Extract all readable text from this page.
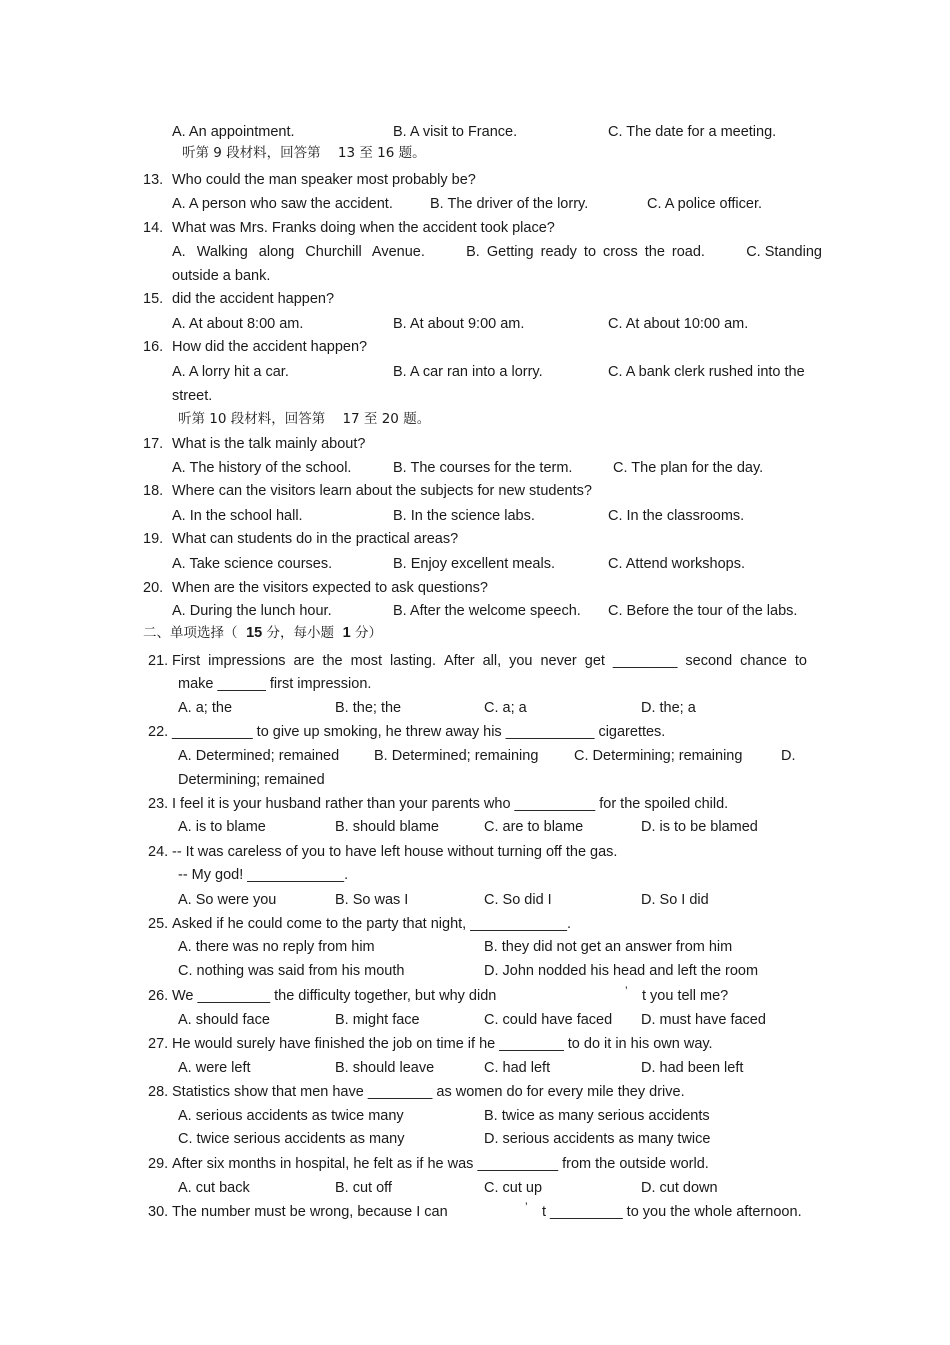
A. An appointment.	B. A visit to France.	C. The date for a meeting.
听第 9 段材料，回答第 13 至 16 题。
13. Who could the man speaker most probably be?
A. A person who saw the accident.	B. The driver of the lorry.	C. A police officer.
14. What was Mrs. Franks doing when the accident took place?
A. Walking along Churchill Avenue.	B. Getting ready to cross the road.	C. Standing
outside a bank.
15. did the accident happen?
A. At about 8:00 am.	B. At about 9:00 am.	C. At about 10:00 am.
16. How did the accident happen?
A. A lorry hit a car.	B. A car ran into a lorry.	C. A bank clerk rushed into the
street.
听第 10 段材料，回答第 17 至 20 题。
17. What is the talk mainly about?
A. The history of the school.	B. The courses for the term.	C. The plan for the day.
18. Where can the visitors learn about the subjects for new students?
A. In the school hall.	B. In the science labs.	C. In the classrooms.
19. What can students do in the practical areas?
A. Take science courses.	B. Enjoy excellent meals.	C. Attend workshops.
20. When are the visitors expected to ask questions?
A. During the lunch hour.	B. After the welcome speech. C. Before the tour of the labs.
二、单项选择（ 15 分，每小题 1 分）
21. First impressions are the most lasting. After all, you never get ________ second chance to
make ______ first impression.
A. a; the	B. the; the	C. a; a	D. the; a
22. __________ to give up smoking, he threw away his ___________ cigarettes.
A. Determined; remained B. Determined; remaining C. Determining; remaining	D.
Determining; remained
23. I feel it is your husband rather than your parents who __________ for the spoiled child.
A. is to blame	B. should blame	C. are to blame	D. is to be blamed
24. -- It was careless of you to have left house without turning off the gas.
-- My god! ____________.
A. So were you	B. So was I	C. So did I	D. So I did
25. Asked if he could come to the party that night, ____________.
A. there was no reply from him	B. they did not get an answer from him
C. nothing was said from his mouth	D. John nodded his head and left the room
26. We _________ the difficulty together, but why didn	’ t you tell me?
A. should face	B. might face	C. could have faced D. must have faced
27. He would surely have finished the job on time if he ________ to do it in his own way.
A. were left	B. should leave	C. had left	D. had been left
28. Statistics show that men have ________ as women do for every mile they drive.
A. serious accidents as twice many	B. twice as many serious accidents
C. twice serious accidents as many	D. serious accidents as many twice
29. After six months in hospital, he felt as if he was __________ from the outside world.
A. cut back	B. cut off	C. cut up	D. cut down
30. The number must be wrong, because I can	’ t _________ to you the whole afternoon.
